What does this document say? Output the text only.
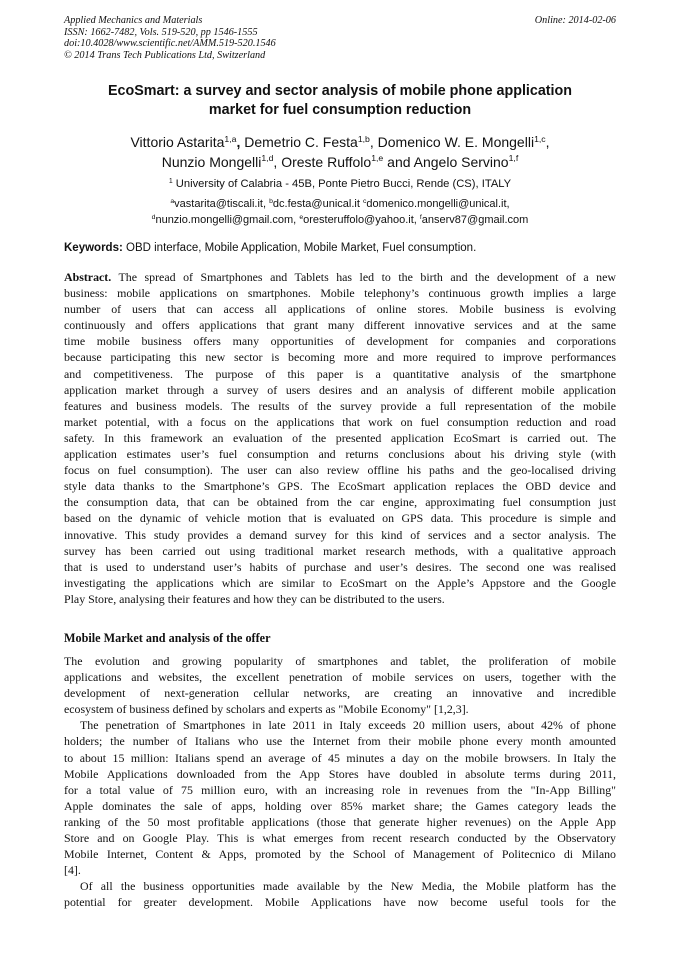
Applied Mechanics and Materials
ISSN: 1662-7482, Vols. 519-520, pp 1546-1555
doi:10.4028/www.scientific.net/AMM.519-520.1546
© 2014 Trans Tech Publications Ltd, Switzerland
Online: 2014-02-06
EcoSmart: a survey and sector analysis of mobile phone application
market for fuel consumption reduction
Vittorio Astarita$^{1,a}$, Demetrio C. Festa$^{1,b}$, Domenico W. E. Mongelli$^{1,c}$,
Nunzio Mongelli$^{1,d}$, Oreste Ruffolo$^{1,e}$ and Angelo Servino$^{1,f}$
$^1$ University of Calabria - 45B, Ponte Pietro Bucci, Rende (CS), ITALY
$^a$vastarita@tiscali.it, $^b$dc.festa@unical.it $^c$domenico.mongelli@unical.it,
$^d$nunzio.mongelli@gmail.com, $^e$oresteruffolo@yahoo.it, $^f$anserv87@gmail.com
Keywords: OBD interface, Mobile Application, Mobile Market, Fuel consumption.
Abstract. The spread of Smartphones and Tablets has led to the birth and the development of a new
business: mobile applications on smartphones. Mobile telephony’s continuous growth implies a large
number of users that can access all applications of online stores. Mobile business is evolving
continuously and offers applications that grant many different innovative services and at the same
time mobile business offers many opportunities of development for companies and corporations
because participating this new sector is becoming more and more required to improve performances
and competitiveness. The purpose of this paper is a quantitative analysis of the smartphone
application market through a survey of users desires and an analysis of different mobile application
features and business models. The results of the survey provide a full representation of the mobile
market potential, with a focus on the applications that work on fuel consumption reduction and road
safety. In this framework an evaluation of the presented application EcoSmart is carried out. The
application estimates user’s fuel consumption and returns conclusions about his driving style (with
focus on fuel consumption). The user can also review offline his paths and the geo-localised driving
style data thanks to the Smartphone’s GPS. The EcoSmart application replaces the OBD device and
the consumption data, that can be obtained from the car engine, approximating fuel consumption just
based on the dynamic of vehicle motion that is evaluated on GPS data. This procedure is simple and
innovative. This study provides a demand survey for this kind of services and a sector analysis. The
survey has been carried out using traditional market research methods, with a qualitative approach
that is used to understand user’s habits of purchase and user’s desires. The second one was realised
investigating the applications which are similar to EcoSmart on the Apple’s Appstore and the Google
Play Store, analysing their features and how they can be distributed to the users.
Mobile Market and analysis of the offer
The evolution and growing popularity of smartphones and tablet, the proliferation of mobile
applications and websites, the excellent penetration of mobile services on users, together with the
development of next-generation cellular networks, are creating an innovative and incredible
ecosystem of business defined by scholars and experts as "Mobile Economy" [1,2,3].
The penetration of Smartphones in late 2011 in Italy exceeds 20 million users, about 42% of phone
holders; the number of Italians who use the Internet from their mobile phone every month amounted
to about 15 million: Italians spend an average of 45 minutes a day on the mobile browsers. In Italy the
Mobile Applications downloaded from the App Stores have doubled in absolute terms during 2011,
for a total value of 75 million euro, with an increasing role in revenues from the "In-App Billing"
Apple dominates the sale of apps, holding over 85% market share; the Games category leads the
ranking of the 50 most profitable applications (those that generate higher revenues) on the Apple App
Store and on Google Play. This is what emerges from recent research conducted by the Observatory
Mobile Internet, Content & Apps, promoted by the School of Management of Politecnico di Milano
[4].
Of all the business opportunities made available by the New Media, the Mobile platform has the
potential for greater development. Mobile Applications have now become useful tools for the
